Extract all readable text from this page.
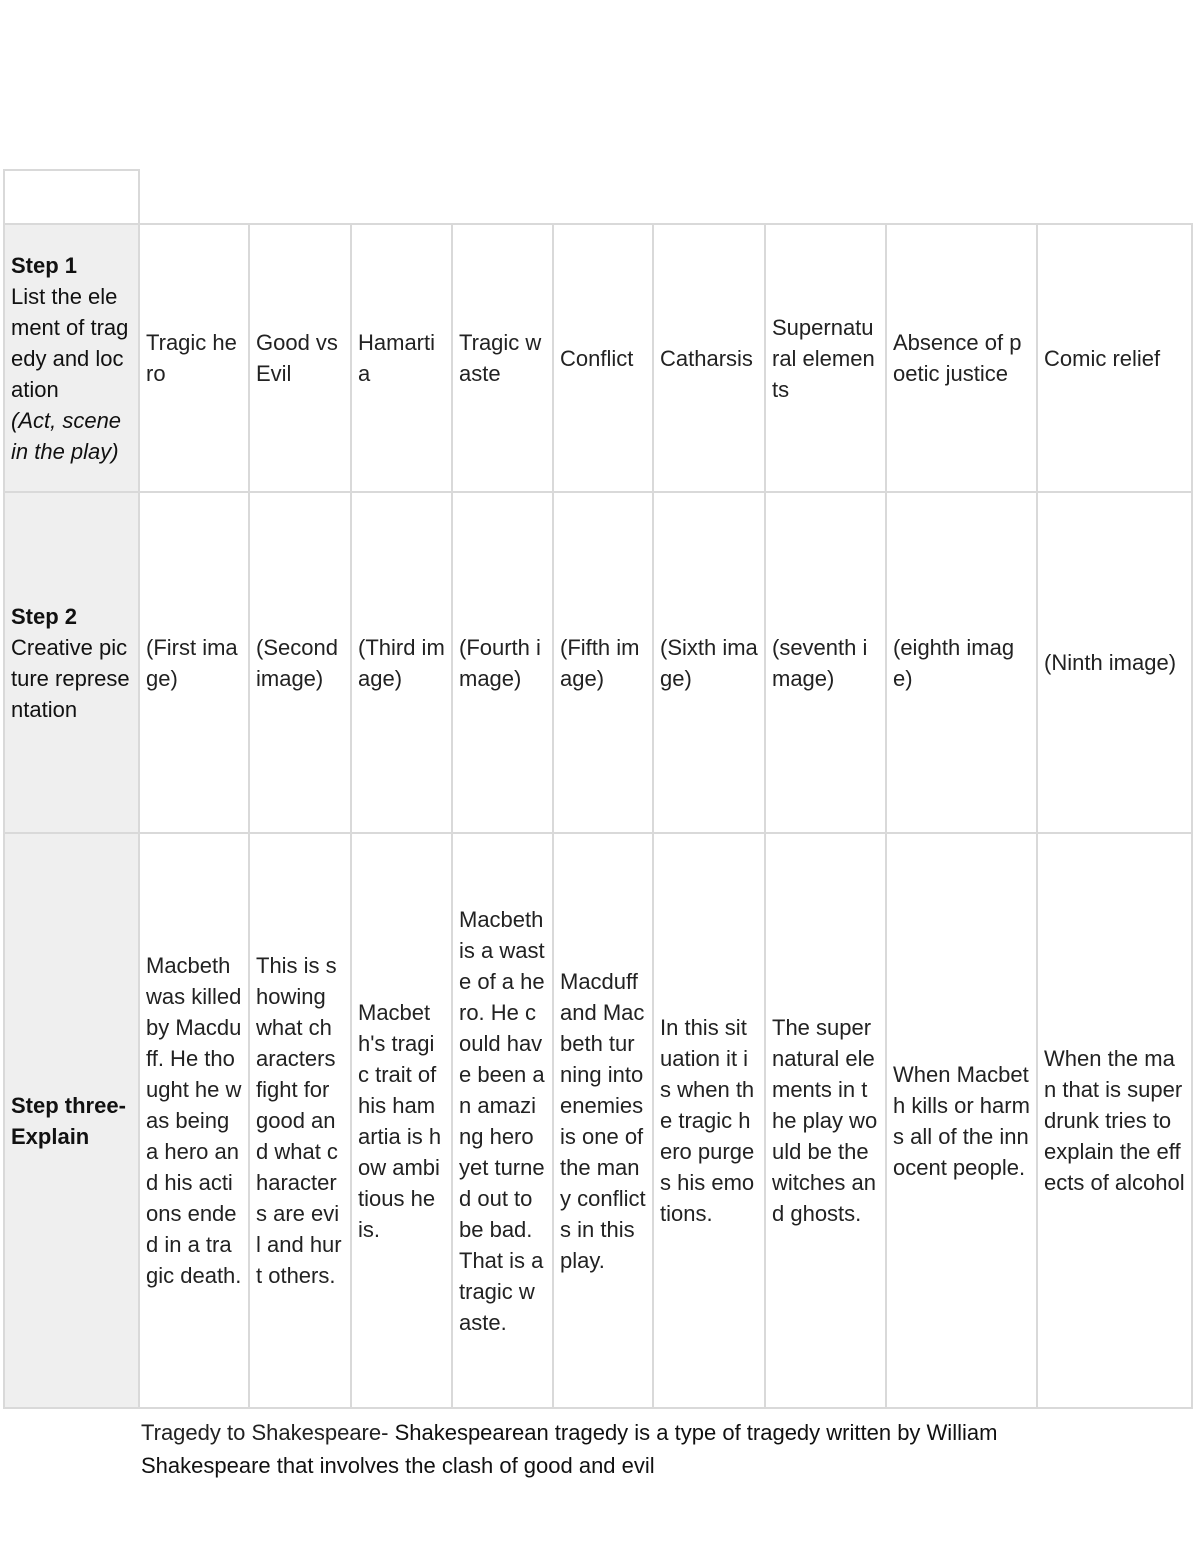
Step 1
List the element of tragedy and location
(Act, scene in the play)	Tragic hero	Good vs Evil	Hamartia	Tragic waste	Conflict	Catharsis	Supernatural elements	Absence of poetic justice	Comic relief

Step 2
Creative picture representation	(First image)	(Second image)	(Third image)	(Fourth image)	(Fifth image)	(Sixth image)	(seventh image)	(eighth image)	(Ninth image)

Step three- Explain	Macbeth was killed by Macduff. He thought he was being a hero and his actions ended in a tragic death.	This is showing what characters fight for good and what characters are evil and hurt others.	Macbeth's tragic trait of his hamartia is how ambitious he is.	Macbeth is a waste of a hero. He could have been an amazing hero yet turned out to be bad. That is a tragic waste.	Macduff and Macbeth turning into enemies is one of the many conflicts in this play.	In this situation it is when the tragic hero purges his emotions.	The supernatural elements in the play would be the witches and ghosts.	When Macbeth kills or harms all of the innocent people.	When the man that is super drunk tries to explain the effects of alcohol
Tragedy to Shakespeare- Shakespearean tragedy is a type of tragedy written by William Shakespeare that involves the clash of good and evil
